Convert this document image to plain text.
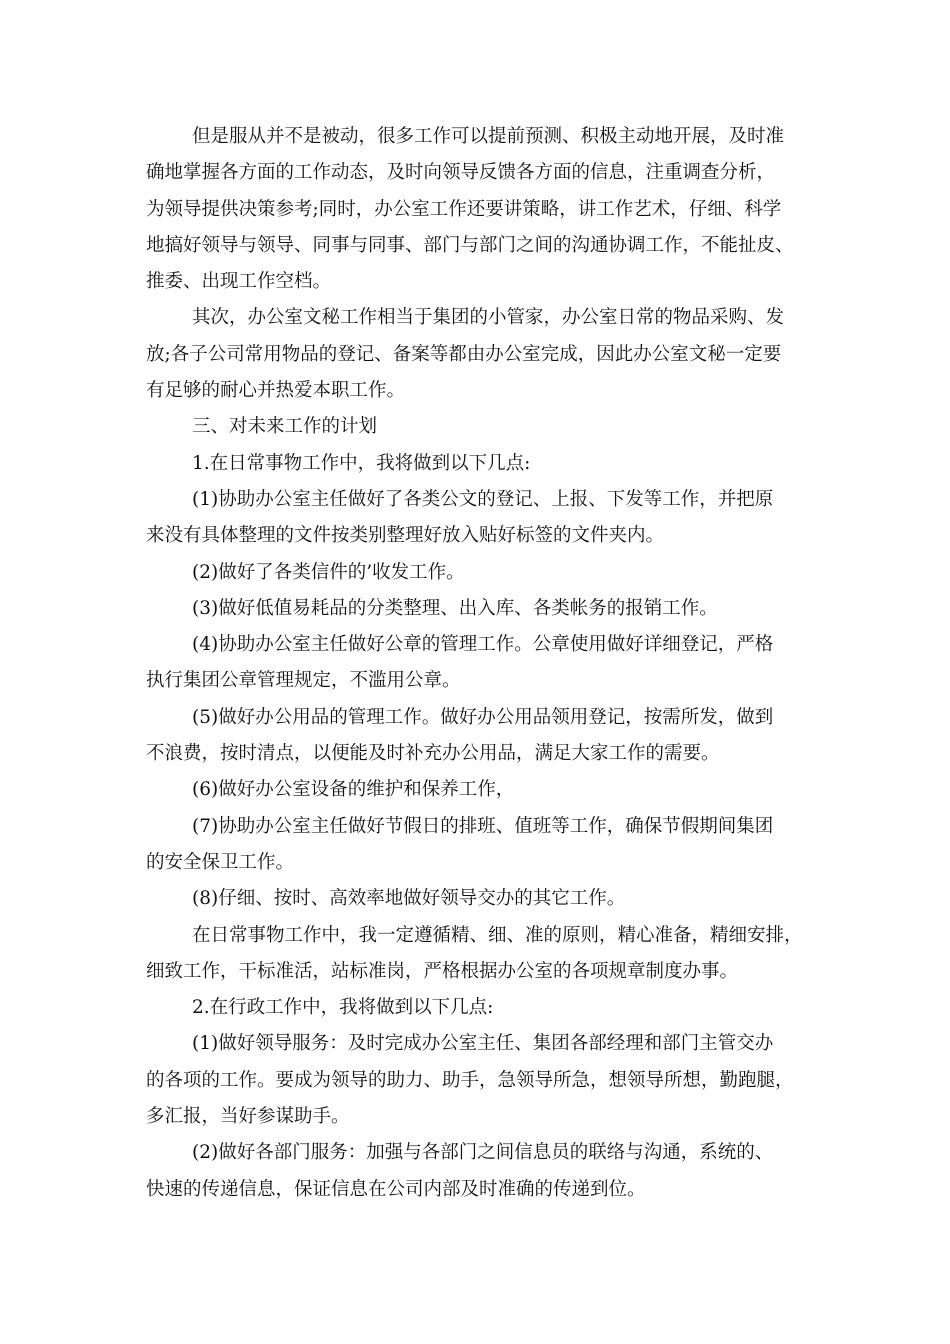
但是服从并不是被动，很多工作可以提前预测、积极主动地开展，及时准
确地掌握各方面的工作动态，及时向领导反馈各方面的信息，注重调查分析，
为领导提供决策参考;同时，办公室工作还要讲策略，讲工作艺术，仔细、科学
地搞好领导与领导、同事与同事、部门与部门之间的沟通协调工作，不能扯皮、
推委、出现工作空档。
其次，办公室文秘工作相当于集团的小管家，办公室日常的物品采购、发
放;各子公司常用物品的登记、备案等都由办公室完成，因此办公室文秘一定要
有足够的耐心并热爱本职工作。
三、对未来工作的计划
1.在日常事物工作中，我将做到以下几点:
(1)协助办公室主任做好了各类公文的登记、上报、下发等工作，并把原
来没有具体整理的文件按类别整理好放入贴好标签的文件夹内。
(2)做好了各类信件的’收发工作。
(3)做好低值易耗品的分类整理、出入库、各类帐务的报销工作。
(4)协助办公室主任做好公章的管理工作。公章使用做好详细登记，严格
执行集团公章管理规定，不滥用公章。
(5)做好办公用品的管理工作。做好办公用品领用登记，按需所发，做到
不浪费，按时清点，以便能及时补充办公用品，满足大家工作的需要。
(6)做好办公室设备的维护和保养工作，
(7)协助办公室主任做好节假日的排班、值班等工作，确保节假期间集团
的安全保卫工作。
(8)仔细、按时、高效率地做好领导交办的其它工作。
在日常事物工作中，我一定遵循精、细、准的原则，精心准备，精细安排，
细致工作，干标准活，站标准岗，严格根据办公室的各项规章制度办事。
2.在行政工作中，我将做到以下几点:
(1)做好领导服务：及时完成办公室主任、集团各部经理和部门主管交办
的各项的工作。要成为领导的助力、助手，急领导所急，想领导所想，勤跑腿，
多汇报，当好参谋助手。
(2)做好各部门服务：加强与各部门之间信息员的联络与沟通，系统的、
快速的传递信息，保证信息在公司内部及时准确的传递到位。
